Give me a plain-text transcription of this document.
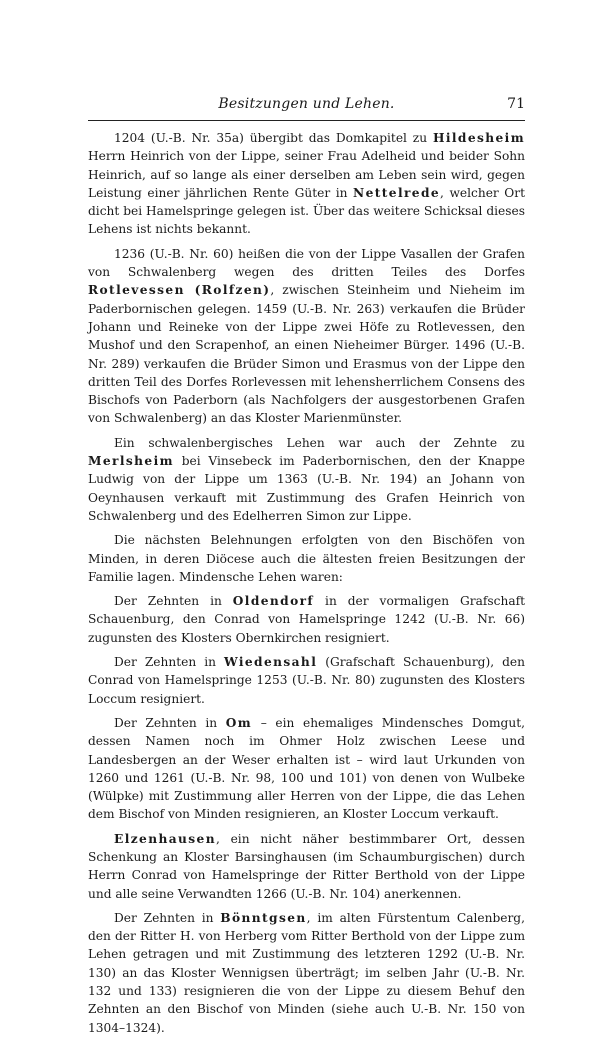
Besitzungen und Lehen.	71

1204 (U.-B. Nr. 35a) übergibt das Domkapitel zu Hildesheim Herrn Heinrich von der Lippe, seiner Frau Adelheid und beider Sohn Heinrich, auf so lange als einer derselben am Leben sein wird, gegen Leistung einer jährlichen Rente Güter in Nettelrede, welcher Ort dicht bei Hamelspringe gelegen ist. Über das weitere Schicksal dieses Lehens ist nichts bekannt.

1236 (U.-B. Nr. 60) heißen die von der Lippe Vasallen der Grafen von Schwalenberg wegen des dritten Teiles des Dorfes Rotlevessen (Rolfzen), zwischen Steinheim und Nieheim im Paderbornischen gelegen. 1459 (U.-B. Nr. 263) verkaufen die Brüder Johann und Reineke von der Lippe zwei Höfe zu Rotlevessen, den Mushof und den Scrapenhof, an einen Nieheimer Bürger. 1496 (U.-B. Nr. 289) verkaufen die Brüder Simon und Erasmus von der Lippe den dritten Teil des Dorfes Rorlevessen mit lehensherrlichem Consens des Bischofs von Paderborn (als Nachfolgers der ausgestorbenen Grafen von Schwalenberg) an das Kloster Marienmünster.

Ein schwalenbergisches Lehen war auch der Zehnte zu Merlsheim bei Vinsebeck im Paderbornischen, den der Knappe Ludwig von der Lippe um 1363 (U.-B. Nr. 194) an Johann von Oeynhausen verkauft mit Zustimmung des Grafen Heinrich von Schwalenberg und des Edelherren Simon zur Lippe.

Die nächsten Belehnungen erfolgten von den Bischöfen von Minden, in deren Diöcese auch die ältesten freien Besitzungen der Familie lagen. Mindensche Lehen waren:

Der Zehnten in Oldendorf in der vormaligen Grafschaft Schauenburg, den Conrad von Hamelspringe 1242 (U.-B. Nr. 66) zugunsten des Klosters Obernkirchen resigniert.

Der Zehnten in Wiedensahl (Grafschaft Schauenburg), den Conrad von Hamelspringe 1253 (U.-B. Nr. 80) zugunsten des Klosters Loccum resigniert.

Der Zehnten in Om – ein ehemaliges Mindensches Domgut, dessen Namen noch im Ohmer Holz zwischen Leese und Landesbergen an der Weser erhalten ist – wird laut Urkunden von 1260 und 1261 (U.-B. Nr. 98, 100 und 101) von denen von Wulbeke (Wülpke) mit Zustimmung aller Herren von der Lippe, die das Lehen dem Bischof von Minden resignieren, an Kloster Loccum verkauft.

Elzenhausen, ein nicht näher bestimmbarer Ort, dessen Schenkung an Kloster Barsinghausen (im Schaumburgischen) durch Herrn Conrad von Hamelspringe der Ritter Berthold von der Lippe und alle seine Verwandten 1266 (U.-B. Nr. 104) anerkennen.

Der Zehnten in Bönntgsen, im alten Fürstentum Calenberg, den der Ritter H. von Herberg vom Ritter Berthold von der Lippe zum Lehen getragen und mit Zustimmung des letzteren 1292 (U.-B. Nr. 130) an das Kloster Wennigsen überträgt; im selben Jahr (U.-B. Nr. 132 und 133) resignieren die von der Lippe zu diesem Behuf den Zehnten an den Bischof von Minden (siehe auch U.-B. Nr. 150 von 1304–1324).
